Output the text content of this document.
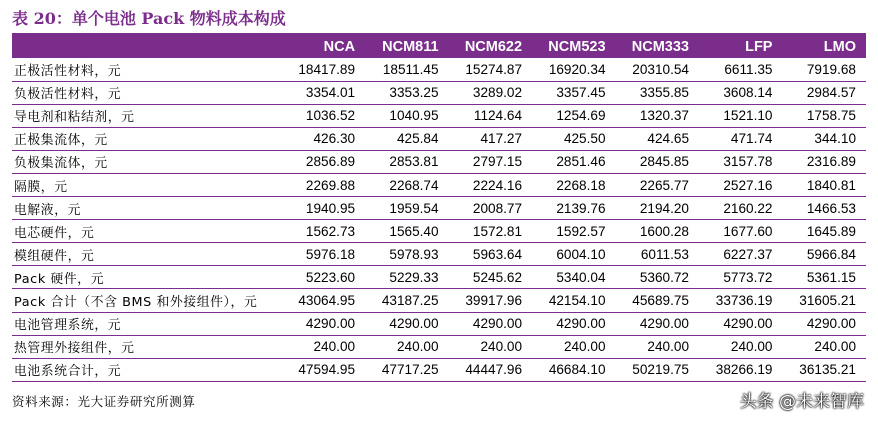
表 20：单个电池 Pack 物料成本构成
	NCA	NCM811	NCM622	NCM523	NCM333	LFP	LMO
正极活性材料，元	18417.89	18511.45	15274.87	16920.34	20310.54	6611.35	7919.68
负极活性材料，元	3354.01	3353.25	3289.02	3357.45	3355.85	3608.14	2984.57
导电剂和粘结剂，元	1036.52	1040.95	1124.64	1254.69	1320.37	1521.10	1758.75
正极集流体，元	426.30	425.84	417.27	425.50	424.65	471.74	344.10
负极集流体，元	2856.89	2853.81	2797.15	2851.46	2845.85	3157.78	2316.89
隔膜，元	2269.88	2268.74	2224.16	2268.18	2265.77	2527.16	1840.81
电解液，元	1940.95	1959.54	2008.77	2139.76	2194.20	2160.22	1466.53
电芯硬件，元	1562.73	1565.40	1572.81	1592.57	1600.28	1677.60	1645.89
模组硬件，元	5976.18	5978.93	5963.64	6004.10	6011.53	6227.37	5966.84
Pack 硬件，元	5223.60	5229.33	5245.62	5340.04	5360.72	5773.72	5361.15
Pack 合计（不含 BMS 和外接组件），元	43064.95	43187.25	39917.96	42154.10	45689.75	33736.19	31605.21
电池管理系统，元	4290.00	4290.00	4290.00	4290.00	4290.00	4290.00	4290.00
热管理外接组件，元	240.00	240.00	240.00	240.00	240.00	240.00	240.00
电池系统合计，元	47594.95	47717.25	44447.96	46684.10	50219.75	38266.19	36135.21
资料来源：光大证券研究所测算	头条 @未来智库
